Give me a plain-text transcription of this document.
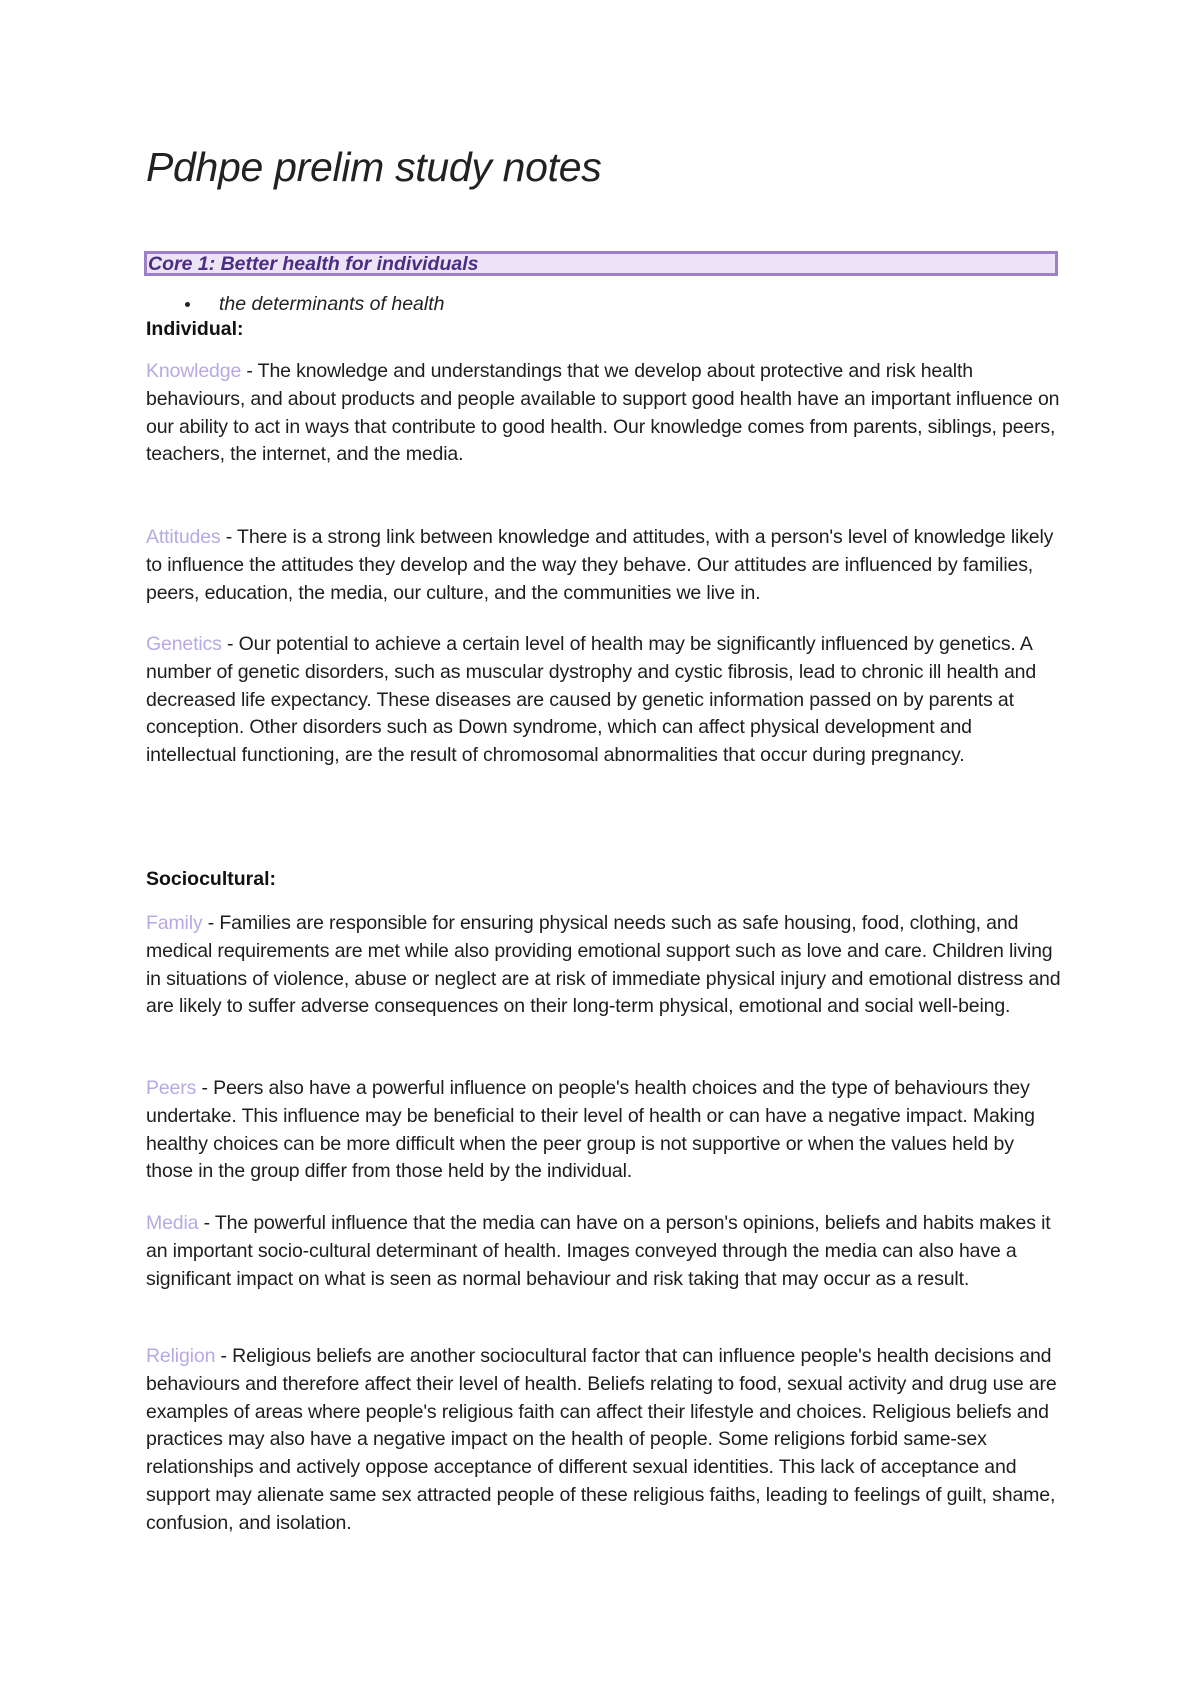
Pdhpe prelim study notes
Core 1: Better health for individuals
the determinants of health
Individual:

Knowledge - The knowledge and understandings that we develop about protective and risk health behaviours, and about products and people available to support good health have an important influence on our ability to act in ways that contribute to good health. Our knowledge comes from parents, siblings, peers, teachers, the internet, and the media.

Attitudes - There is a strong link between knowledge and attitudes, with a person's level of knowledge likely to influence the attitudes they develop and the way they behave. Our attitudes are influenced by families, peers, education, the media, our culture, and the communities we live in.

Genetics - Our potential to achieve a certain level of health may be significantly influenced by genetics. A number of genetic disorders, such as muscular dystrophy and cystic fibrosis, lead to chronic ill health and decreased life expectancy. These diseases are caused by genetic information passed on by parents at conception. Other disorders such as Down syndrome, which can affect physical development and intellectual functioning, are the result of chromosomal abnormalities that occur during pregnancy.

Sociocultural:

Family - Families are responsible for ensuring physical needs such as safe housing, food, clothing, and medical requirements are met while also providing emotional support such as love and care. Children living in situations of violence, abuse or neglect are at risk of immediate physical injury and emotional distress and are likely to suffer adverse consequences on their long-term physical, emotional and social well-being.

Peers - Peers also have a powerful influence on people's health choices and the type of behaviours they undertake. This influence may be beneficial to their level of health or can have a negative impact. Making healthy choices can be more difficult when the peer group is not supportive or when the values held by those in the group differ from those held by the individual.

Media - The powerful influence that the media can have on a person's opinions, beliefs and habits makes it an important socio-cultural determinant of health. Images conveyed through the media can also have a significant impact on what is seen as normal behaviour and risk taking that may occur as a result.

Religion - Religious beliefs are another sociocultural factor that can influence people's health decisions and behaviours and therefore affect their level of health. Beliefs relating to food, sexual activity and drug use are examples of areas where people's religious faith can affect their lifestyle and choices. Religious beliefs and practices may also have a negative impact on the health of people. Some religions forbid same-sex relationships and actively oppose acceptance of different sexual identities. This lack of acceptance and support may alienate same sex attracted people of these religious faiths, leading to feelings of guilt, shame, confusion, and isolation.
